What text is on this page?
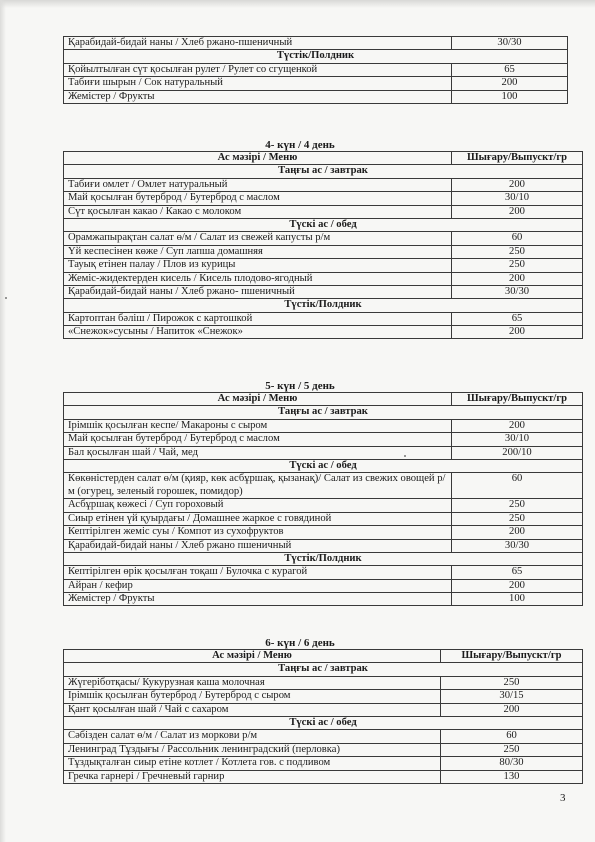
Қарабидай-бидай наны / Хлеб ржано-пшеничный	30/30
Түстік/Полдник	
Қойылтылған сүт қосылған рулет / Рулет со сгущенкой	65
Табиғи шырын / Сок натуральный	200
Жемістер / Фрукты	100
4- күн / 4 день
Ас мәзірі / Меню	Шығару/Выпускт/гр
Таңғы ас / завтрак	
Табиғи омлет / Омлет натуральный	200
Май қосылған бутерброд / Бутерброд с маслом	30/10
Сүт қосылған какао / Какао с молоком	200
Түскі ас / обед	
Орамжапырақтан салат ө/м / Салат из свежей капусты р/м	60
Үй кеспесінен көже / Суп лапша домашняя	250
Тауық етінен палау / Плов из курицы	250
Жеміс-жидектерден кисель / Кисель плодово-ягодный	200
Қарабидай-бидай наны / Хлеб ржано- пшеничный	30/30
Түстік/Полдник	
Картоптан бәліш / Пирожок с картошкой	65
«Снежок»сусыны / Напиток «Снежок»	200
5- күн / 5 день
Ас мәзірі / Меню	Шығару/Выпускт/гр
Таңғы ас / завтрак	
Ірімшік қосылған кеспе/ Макароны с сыром	200
Май қосылған бутерброд / Бутерброд с маслом	30/10
Бал қосылған шай / Чай, мед	200/10
Түскі ас / обед	
Көкөністерден салат ө/м (қияр, көк асбұршақ, қызанақ)/ Салат из свежих овощей р/м (огурец, зеленый горошек, помидор)	60
Асбұршақ көжесі / Суп гороховый	250
Сиыр етінен үй қуырдағы / Домашнее жаркое с говядиной	250
Кептірілген жеміс суы / Компот из сухофруктов	200
Қарабидай-бидай наны / Хлеб ржано пшеничный	30/30
Түстік/Полдник	
Кептірілген өрік қосылған тоқаш / Булочка с курагой	65
Айран / кефир	200
Жемістер / Фрукты	100
6- күн / 6 день
Ас мәзірі / Меню	Шығару/Выпускт/гр
Таңғы ас / завтрак	
Жүгеріботқасы/ Кукурузная каша молочная	250
Ірімшік қосылған бутерброд / Бутерброд с сыром	30/15
Қант қосылған шай / Чай с сахаром	200
Түскі ас / обед	
Сәбізден салат ө/м / Салат из моркови р/м	60
Ленинград Тұздығы / Рассольник ленинградский (перловка)	250
Тұздықталған сиыр етіне котлет / Котлета гов. с подливом	80/30
Гречка гарнері / Гречневый гарнир	130
3
